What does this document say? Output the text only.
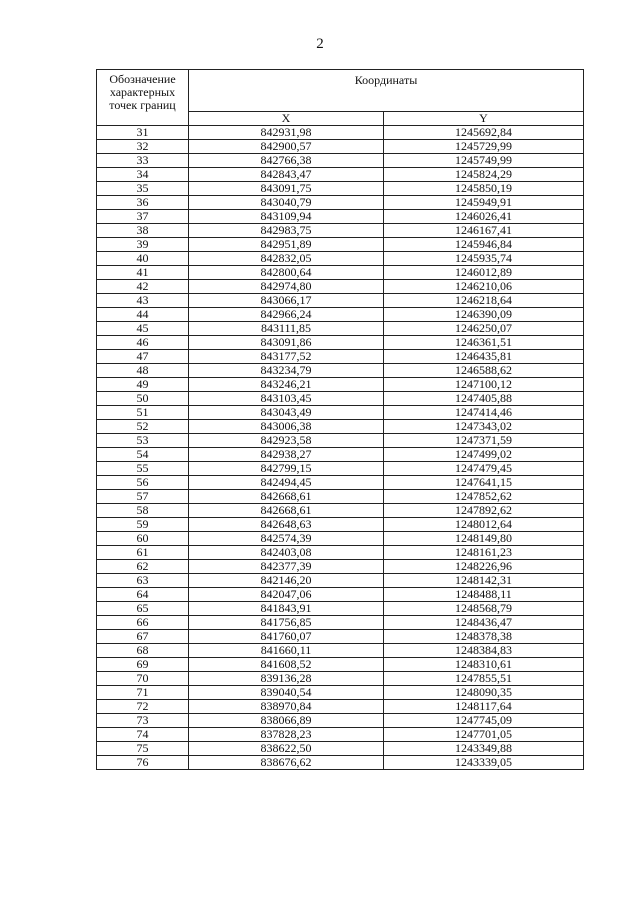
2
Обозначение
характерных
точек границ	Координаты	
	X	Y
31	842931,98	1245692,84
32	842900,57	1245729,99
33	842766,38	1245749,99
34	842843,47	1245824,29
35	843091,75	1245850,19
36	843040,79	1245949,91
37	843109,94	1246026,41
38	842983,75	1246167,41
39	842951,89	1245946,84
40	842832,05	1245935,74
41	842800,64	1246012,89
42	842974,80	1246210,06
43	843066,17	1246218,64
44	842966,24	1246390,09
45	843111,85	1246250,07
46	843091,86	1246361,51
47	843177,52	1246435,81
48	843234,79	1246588,62
49	843246,21	1247100,12
50	843103,45	1247405,88
51	843043,49	1247414,46
52	843006,38	1247343,02
53	842923,58	1247371,59
54	842938,27	1247499,02
55	842799,15	1247479,45
56	842494,45	1247641,15
57	842668,61	1247852,62
58	842668,61	1247892,62
59	842648,63	1248012,64
60	842574,39	1248149,80
61	842403,08	1248161,23
62	842377,39	1248226,96
63	842146,20	1248142,31
64	842047,06	1248488,11
65	841843,91	1248568,79
66	841756,85	1248436,47
67	841760,07	1248378,38
68	841660,11	1248384,83
69	841608,52	1248310,61
70	839136,28	1247855,51
71	839040,54	1248090,35
72	838970,84	1248117,64
73	838066,89	1247745,09
74	837828,23	1247701,05
75	838622,50	1243349,88
76	838676,62	1243339,05
